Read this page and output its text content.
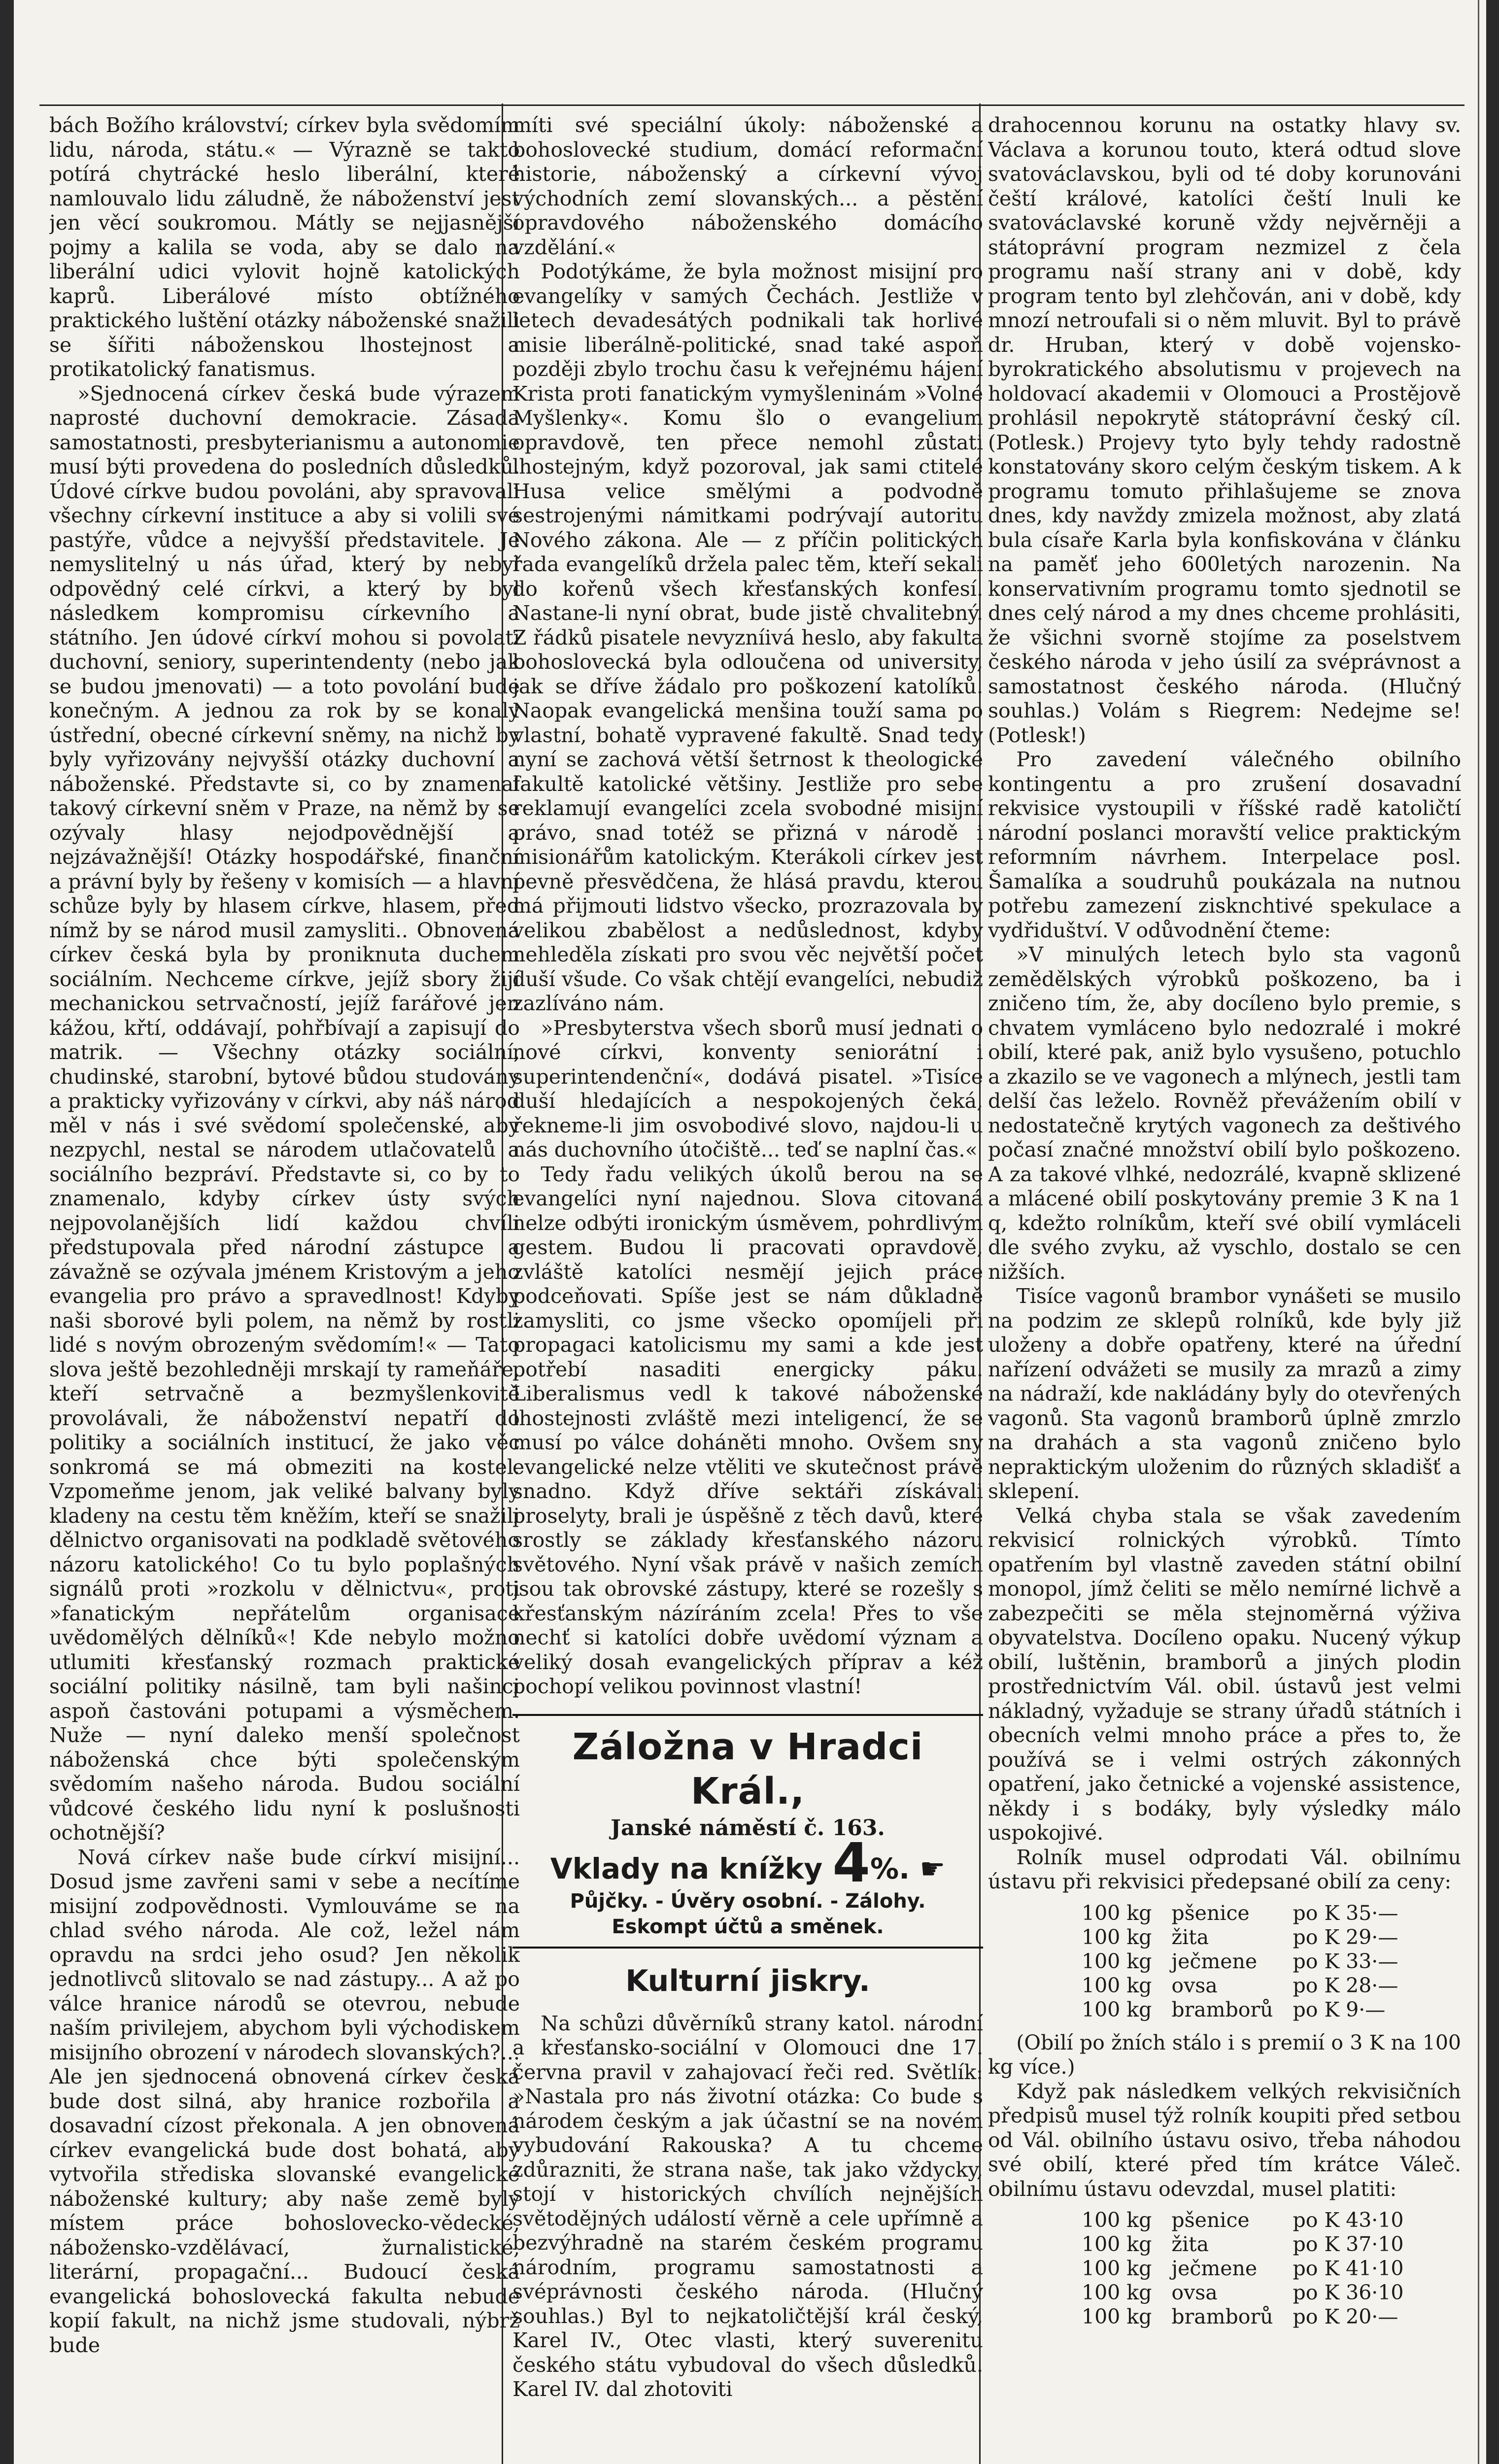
bách Božího království; církev byla svědomím lidu, národa, státu.« — Výrazně se takto potírá chytrácké heslo liberální, které namlouvalo lidu záludně, že náboženství jest jen věcí soukromou. Mátly se nejjasnější pojmy a kalila se voda, aby se dalo na liberální udici vylovit hojně katolických kaprů. Liberálové místo obtížného praktického luštění otázky náboženské snažili se šířiti náboženskou lhostejnost a protikatolický fanatismus.

»Sjednocená církev česká bude výrazem naprosté duchovní demokracie. Zásada samostatnosti, presbyterianismu a autonomie musí býti provedena do posledních důsledků. Údové církve budou povoláni, aby spravovali všechny církevní instituce a aby si volili své pastýře, vůdce a nejvyšší představitele. Je nemyslitelný u nás úřad, který by nebyl odpovědný celé církvi, a který by byl následkem kompromisu církevního a státního. Jen údové církví mohou si povolati duchovní, seniory, superintendenty (nebo jak se budou jmenovati) — a toto povolání bude konečným. A jednou za rok by se konaly ústřední, obecné církevní sněmy, na nichž by byly vyřizovány nejvyšší otázky duchovní a náboženské. Představte si, co by znamenal takový církevní sněm v Praze, na němž by se ozývaly hlasy nejodpovědnější a nejzávažnější! Otázky hospodářské, finanční a právní byly by řešeny v komisích — a hlavní schůze byly by hlasem církve, hlasem, před nímž by se národ musil zamysliti.. Obnovená církev česká byla by proniknuta duchem sociálním. Nechceme církve, jejíž sbory žijí mechanickou setrvačností, jejíž farářové jen kážou, křtí, oddávají, pohřbívají a zapisují do matrik. — Všechny otázky sociální, chudinské, starobní, bytové bůdou studovány a prakticky vyřizovány v církvi, aby náš národ měl v nás i své svědomí společenské, aby nezpychl, nestal se národem utlačovatelů a sociálního bezpráví. Představte si, co by to znamenalo, kdyby církev ústy svých nejpovolanějších lidí každou chvíli předstupovala před národní zástupce a závažně se ozývala jménem Kristovým a jeho evangelia pro právo a spravedlnost! Kdyby naši sborové byli polem, na němž by rostli lidé s novým obrozeným svědomím!« — Tato slova ještě bezohledněji mrskají ty rameňáře, kteří setrvačně a bezmyšlenkovitě provolávali, že náboženství nepatří do politiky a sociálních institucí, že jako věc sonkromá se má obmeziti na kostel. Vzpomeňme jenom, jak veliké balvany byly kladeny na cestu těm kněžím, kteří se snažili dělnictvo organisovati na podkladě světového názoru katolického! Co tu bylo poplašných signálů proti »rozkolu v dělnictvu«, proti »fanatickým nepřátelům organisace uvědomělých dělníků«! Kde nebylo možno utlumiti křesťanský rozmach praktické sociální politiky násilně, tam byli našinci aspoň častováni potupami a výsměchem. Nuže — nyní daleko menší společnost náboženská chce býti společenským svědomím našeho národa. Budou sociální vůdcové českého lidu nyní k poslušnosti ochotnější?

Nová církev naše bude církví misijní... Dosud jsme zavřeni sami v sebe a necítíme misijní zodpovědnosti. Vymlouváme se na chlad svého národa. Ale což, ležel nám opravdu na srdci jeho osud? Jen několik jednotlivců slitovalo se nad zástupy... A až po válce hranice národů se otevrou, nebude naším privilejem, abychom byli východiskem misijního obrození v národech slovanských?... Ale jen sjednocená obnovená církev česká bude dost silná, aby hranice rozbořila a dosavadní cízost překonala. A jen obnovená církev evangelická bude dost bohatá, aby vytvořila střediska slovanské evangelické náboženské kultury; aby naše země byly místem práce bohoslovecko-vědecké, náboženskо-vzdělávací, žurnalistické, literární, propagační... Budoucí česká evangelická bohoslovecká fakulta nebude kopií fakult, na nichž jsme studovali, nýbrž bude

míti své speciální úkoly: náboženské a bohoslovecké studium, domácí reformační historie, náboženský a církevní vývoj východních zemí slovanských... a pěstění opravdového náboženského domácího vzdělání.«

Podotýkáme, že byla možnost misijní pro evangelíky v samých Čechách. Jestliže v letech devadesátých podnikali tak horlivé misie liberálně-politické, snad také aspoň později zbylo trochu času k veřejnému hájení Krista proti fanatickým vymyšleninám »Volné Myšlenky«. Komu šlo o evangelium opravdově, ten přece nemohl zůstati lhostejným, když pozoroval, jak sami ctitelé Husa velice smělými a podvodně sestrojenými námitkami podrývají autoritu Nového zákona. Ale — z příčin politických řada evangelíků držela palec těm, kteří sekali do kořenů všech křesťanských konfesí. Nastane-li nyní obrat, bude jistě chvalitebný. Z řádků pisatele nevyzníivá heslo, aby fakulta bohoslovecká byla odloučena od university, jak se dříve žádalo pro poškození katolíků. Naopak evangelická menšina touží sama po vlastní, bohatě vypravené fakultě. Snad tedy nyní se zachová větší šetrnost k theologické fakultě katolické většiny. Jestliže pro sebe reklamují evangelíci zcela svobodné misijní právo, snad totéž se přizná v národě i misionářům katolickým. Kterákoli církev jest pevně přesvědčena, že hlásá pravdu, kterou má přijmouti lidstvo všecko, prozrazovala by velikou zbabělost a nedůslednost, kdyby nehleděla získati pro svou věc největší počet duší všude. Co však chtějí evangelíci, nebudiž zazlíváno nám.

»Presbyterstva všech sborů musí jednati o nové církvi, konventy seniorátní i superintendenční«, dodává pisatel. »Tisíce duší hledajících a nespokojených čeká, řekneme-li jim osvobodivé slovo, najdou-li u nás duchovního útočiště... teď se naplní čas.«

Tedy řadu velikých úkolů berou na se evangelíci nyní najednou. Slova citovaná nelze odbýti ironickým úsměvem, pohrdlivým gestem. Budou li pracovati opravdově, zvláště katolíci nesmějí jejich práce podceňovati. Spíše jest se nám důkladně zamysliti, co jsme všecko opomíjeli při propagaci katolicismu my sami a kde jest potřebí nasaditi energicky páku. Liberalismus vedl k takové náboženské lhostejnosti zvláště mezi inteligencí, že se musí po válce doháněti mnoho. Ovšem sny evangelické nelze vtěliti ve skutečnost právě snadno. Když dříve sektáři získávali proselyty, brali je úspěšně z těch davů, které srostly se základy křesťanského názoru světového. Nyní však právě v našich zemích jsou tak obrovské zástupy, které se rozešly s křesťanským názíráním zcela! Přes to vše nechť si katolíci dobře uvědomí význam a veliký dosah evangelických příprav a kéž pochopí velikou povinnost vlastní!

Záložna v Hradci Král.,
Janské náměstí č. 163.
Vklady na knížky 4%. ☛
Půjčky. - Úvěry osobní. - Zálohy.
Eskompt účtů a směnek.
Kulturní jiskry.

Na schůzi důvěrníků strany katol. národní a křesťansko-sociální v Olomouci dne 17. června pravil v zahajovací řeči red. Světlík: »Nastala pro nás životní otázka: Co bude s národem českým a jak účastní se na novém vybudování Rakouska? A tu chceme zdůrazniti, že strana naše, tak jako vždycky, stojí v historických chvílích nejnějších světodějných událostí věrně a cele upřímně a bezvýhradně na starém českém programu národním, programu samostatnosti a svéprávnosti českého národa. (Hlučný souhlas.) Byl to nejkatoličtější král český, Karel IV., Otec vlasti, který suverenitu českého státu vybudoval do všech důsledků. Karel IV. dal zhotoviti

drahocennou korunu na ostatky hlavy sv. Václava a korunou touto, která odtud slove svatováclavskou, byli od té doby korunováni čeští králové, katolíci čeští lnuli ke svatováclavské koruně vždy nejvěrněji a státoprávní program nezmizel z čela programu naší strany ani v době, kdy program tento byl zlehčován, ani v době, kdy mnozí netroufali si o něm mluvit. Byl to právě dr. Hruban, který v době vojensko-byrokratického absolutismu v projevech na holdovací akademii v Olomouci a Prostějově prohlásil nepokrytě státoprávní český cíl. (Potlesk.) Projevy tyto byly tehdy radostně konstatovány skoro celým českým tiskem. A k programu tomuto přihlašujeme se znova dnes, kdy navždy zmizela možnost, aby zlatá bula císaře Karla byla konfiskována v článku na paměť jeho 600letých narozenin. Na konservativním programu tomto sjednotil se dnes celý národ a my dnes chceme prohlásiti, že všichni svorně stojíme za poselstvem českého národa v jeho úsilí za svéprávnost a samostatnost českého národa. (Hlučný souhlas.) Volám s Riegrem: Nedejme se! (Potlesk!)

Pro zavedení válečného obilního kontingentu a pro zrušení dosavadní rekvisice vystoupili v říšské radě katoličtí národní poslanci moravští velice praktickým reformním návrhem. Interpelace posl. Šamalíka a soudruhů poukázala na nutnou potřebu zamezení zisknchtivé spekulace a vydřiduštví. V odůvodnění čteme:

»V minulých letech bylo sta vagonů zemědělských výrobků poškozeno, ba i zničeno tím, že, aby docíleno bylo premie, s chvatem vymláceno bylo nedozralé i mokré obilí, které pak, aniž bylo vysušeno, potuchlo a zkazilo se ve vagonech a mlýnech, jestli tam delší čas leželo. Rovněž převážením obilí v nedostatečně krytých vagonech za deštivého počasí značné množství obilí bylo poškozeno. A za takové vlhké, nedozrálé, kvapně sklizené a mlácené obilí poskytovány premie 3 K na 1 q, kdežto rolníkům, kteří své obilí vymláceli dle svého zvyku, až vyschlo, dostalo se cen nižších.

Tisíce vagonů brambor vynášeti se musilo na podzim ze sklepů rolníků, kde byly již uloženy a dobře opatřeny, které na úřední nařízení odvážeti se musily za mrazů a zimy na nádraží, kde nakládány byly do otevřených vagonů. Sta vagonů bramborů úplně zmrzlo na drahách a sta vagonů zničeno bylo nepraktickým uloženim do různých skladišť a sklepení.

Velká chyba stala se však zavedením rekvisicí rolnických výrobků. Tímto opatřením byl vlastně zaveden státní obilní monopol, jímž čeliti se mělo nemírné lichvě a zabezpečiti se měla stejnoměrná výživa obyvatelstva. Docíleno opaku. Nucený výkup obilí, luštěnin, bramborů a jiných plodin prostřednictvím Vál. obil. ústavů jest velmi nákladný, vyžaduje se strany úřadů státních i obecních velmi mnoho práce a přes to, že používá se i velmi ostrých zákonných opatření, jako četnické a vojenské assistence, někdy i s bodáky, byly výsledky málo uspokojivé.

Rolník musel odprodati Vál. obilnímu ústavu při rekvisici předepsané obilí za ceny:

100 kg	pšenice	po K 35·—
100 kg	žita	po K 29·—
100 kg	ječmene	po K 33·—
100 kg	ovsa	po K 28·—
100 kg	bramborů	po K 9·—

(Obilí po žních stálo i s premií o 3 K na 100 kg více.)

Když pak následkem velkých rekvisičních předpisů musel týž rolník koupiti před setbou od Vál. obilního ústavu osivo, třeba náhodou své obilí, které před tím krátce Váleč. obilnímu ústavu odevzdal, musel platiti:

100 kg	pšenice	po K 43·10
100 kg	žita	po K 37·10
100 kg	ječmene	po K 41·10
100 kg	ovsa	po K 36·10
100 kg	bramborů	po K 20·—
